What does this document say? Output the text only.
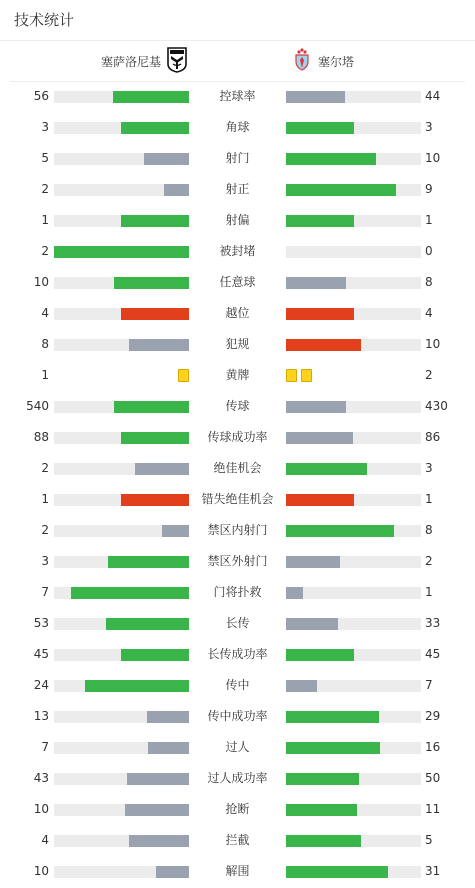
技术统计
塞萨洛尼基	塞尔塔
56	控球率	44
3	角球	3
5	射门	10
2	射正	9
1	射偏	1
2	被封堵	0
10	任意球	8
4	越位	4
8	犯规	10
1	黄牌	2
540	传球	430
88	传球成功率	86
2	绝佳机会	3
1	错失绝佳机会	1
2	禁区内射门	8
3	禁区外射门	2
7	门将扑救	1
53	长传	33
45	长传成功率	45
24	传中	7
13	传中成功率	29
7	过人	16
43	过人成功率	50
10	抢断	11
4	拦截	5
10	解围	31
